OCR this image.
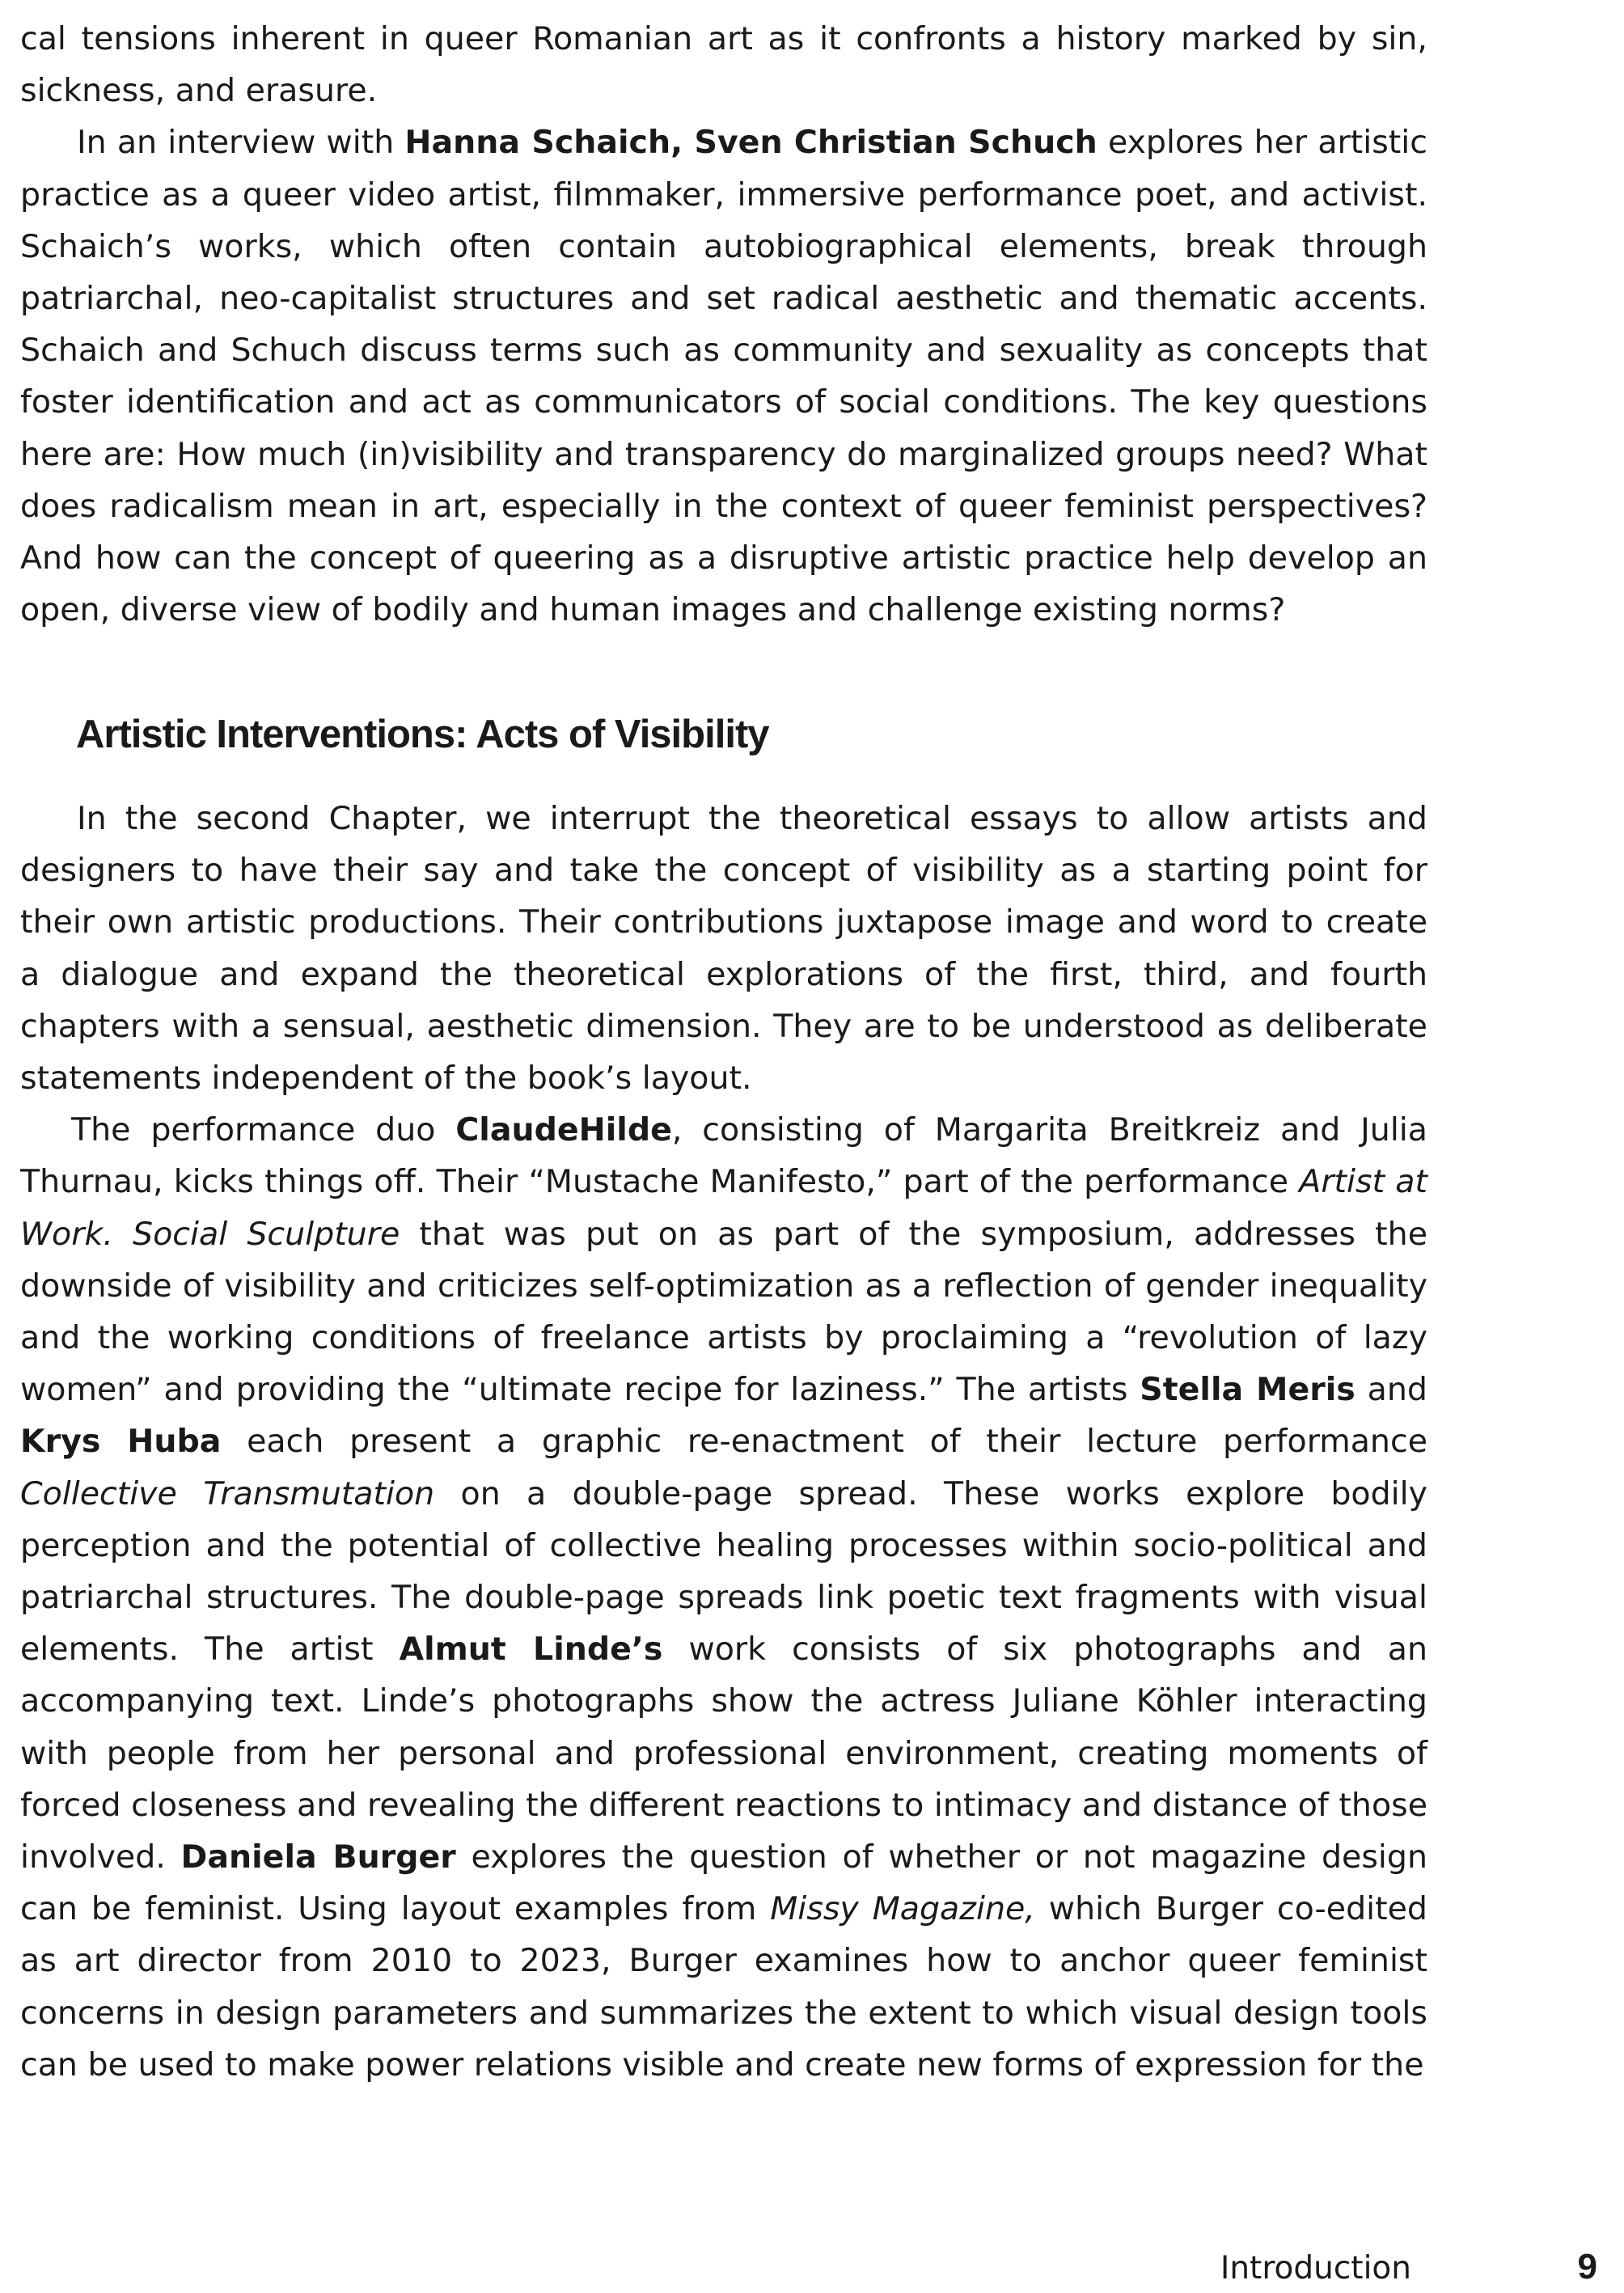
cal tensions inherent in queer Romanian art as it confronts a history marked by sin, sickness, and erasure.

In an interview with Hanna Schaich, Sven Christian Schuch explores her artistic practice as a queer video artist, filmmaker, immersive performance poet, and activist. Schaich’s works, which often contain autobiographical elements, break through patriarchal, neo-capitalist structures and set radical aesthetic and thematic accents. Schaich and Schuch discuss terms such as community and sexuality as concepts that foster identification and act as communicators of social conditions. The key questions here are: How much (in)visibility and transparency do marginalized groups need? What does radicalism mean in art, especially in the context of queer feminist perspectives? And how can the concept of queering as a disruptive artistic practice help develop an open, diverse view of bodily and human images and challenge existing norms?

Artistic Interventions: Acts of Visibility

In the second Chapter, we interrupt the theoretical essays to allow artists and designers to have their say and take the concept of visibility as a starting point for their own artistic productions. Their contributions juxtapose image and word to create a dialogue and expand the theoretical explorations of the first, third, and fourth chapters with a sensual, aesthetic dimension. They are to be understood as deliberate statements independent of the book’s layout.

The performance duo ClaudeHilde, consisting of Margarita Breitkreiz and Julia Thurnau, kicks things off. Their “Mustache Manifesto,” part of the performance Artist at Work. Social Sculpture that was put on as part of the symposium, addresses the downside of visibility and criticizes self-optimization as a reflection of gender inequality and the working conditions of freelance artists by proclaiming a “revolution of lazy women” and providing the “ultimate recipe for laziness.” The artists Stella Meris and Krys Huba each present a graphic re-enactment of their lecture performance Collective Transmutation on a double-page spread. These works explore bodily perception and the potential of collective healing processes within socio-political and patriarchal structures. The double-page spreads link poetic text fragments with visual elements. The artist Almut Linde’s work consists of six photographs and an accompanying text. Linde’s photographs show the actress Juliane Köhler interacting with people from her personal and professional environment, creating moments of forced closeness and revealing the different reactions to intimacy and distance of those involved. Daniela Burger explores the question of whether or not magazine design can be feminist. Using layout examples from Missy Magazine, which Burger co-edited as art director from 2010 to 2023, Burger examines how to anchor queer feminist concerns in design parameters and summarizes the extent to which visual design tools can be used to make power relations visible and create new forms of expression for the

Introduction	9
